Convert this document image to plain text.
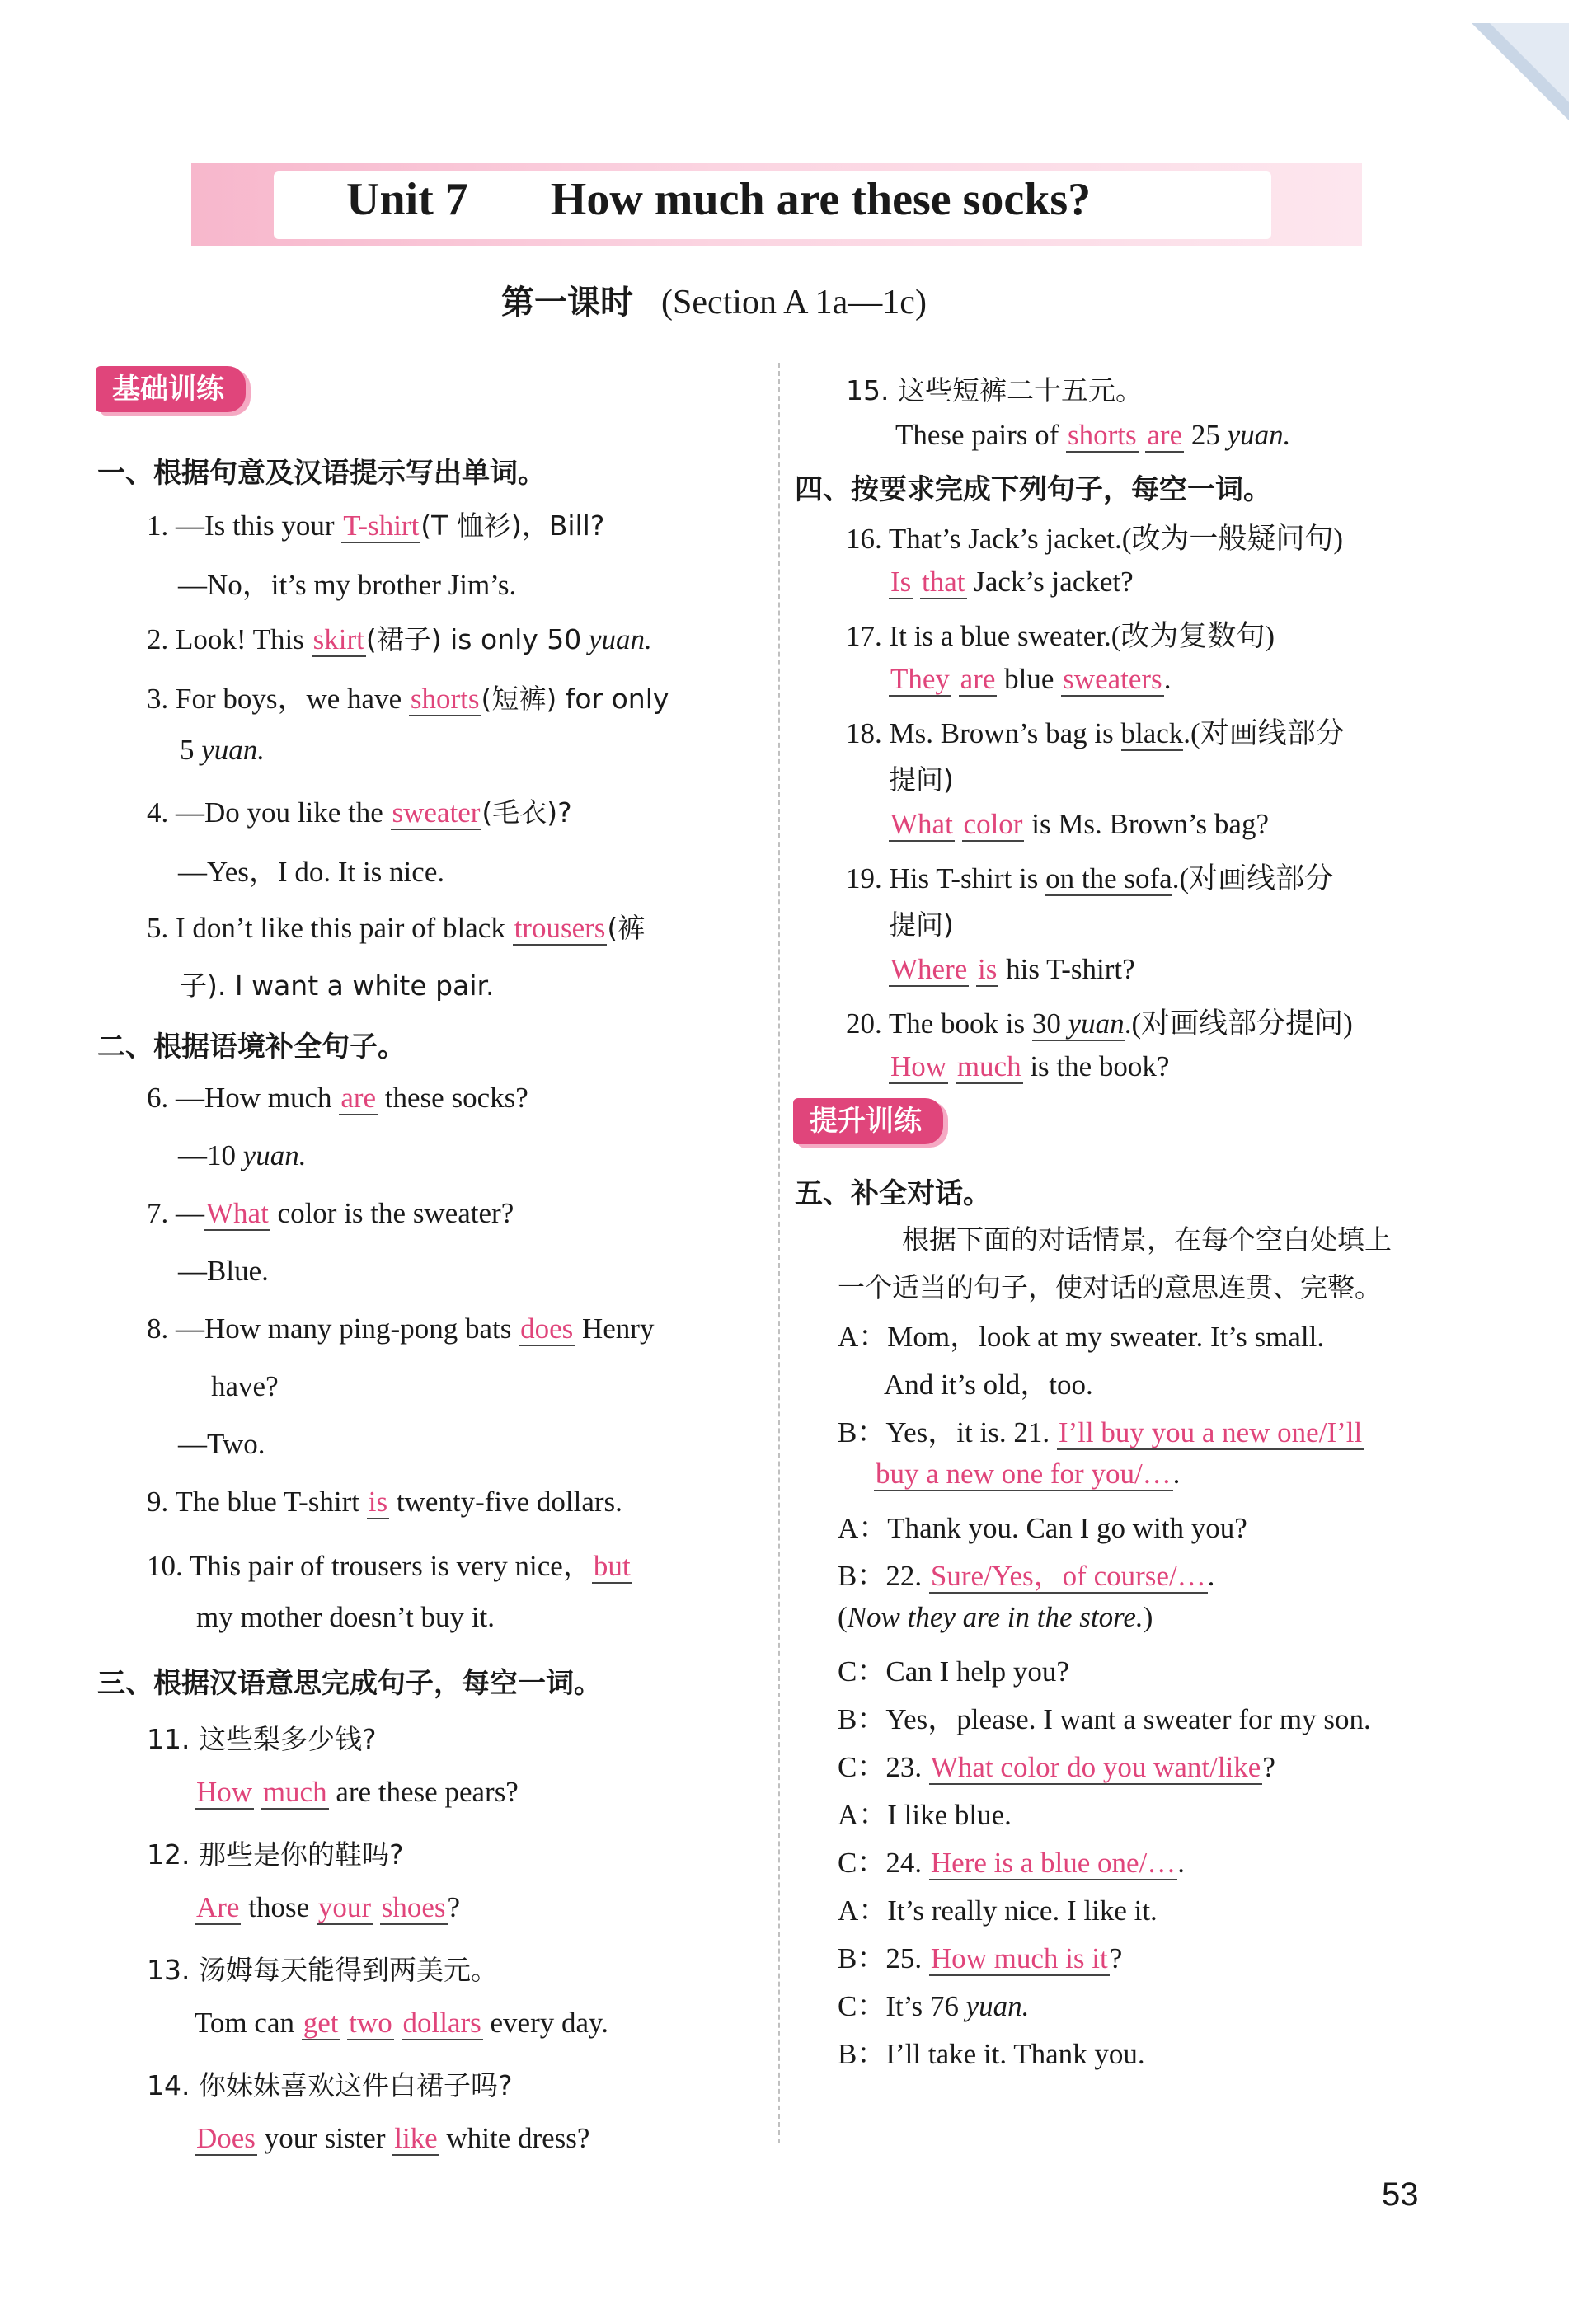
Unit 7 How much are these socks?
第一课时 (Section A 1a—1c)
基础训练
一、根据句意及汉语提示写出单词。
1. —Is this your T-shirt(T 恤衫)，Bill?
—No，it’s my brother Jim’s.
2. Look! This skirt(裙子) is only 50 yuan.
3. For boys，we have shorts(短裤) for only
5 yuan.
4. —Do you like the sweater(毛衣)?
—Yes，I do. It is nice.
5. I don’t like this pair of black trousers(裤
子). I want a white pair.
二、根据语境补全句子。
6. —How much are these socks?
—10 yuan.
7. —What color is the sweater?
—Blue.
8. —How many ping-pong bats does Henry
have?
—Two.
9. The blue T-shirt is twenty-five dollars.
10. This pair of trousers is very nice，but
my mother doesn’t buy it.
三、根据汉语意思完成句子，每空一词。
11. 这些梨多少钱?
How much are these pears?
12. 那些是你的鞋吗?
Are those your shoes?
13. 汤姆每天能得到两美元。
Tom can get two dollars every day.
14. 你妹妹喜欢这件白裙子吗?
Does your sister like white dress?
15. 这些短裤二十五元。
These pairs of shorts are 25 yuan.
四、按要求完成下列句子，每空一词。
16. That’s Jack’s jacket.(改为一般疑问句)
Is that Jack’s jacket?
17. It is a blue sweater.(改为复数句)
They are blue sweaters.
18. Ms. Brown’s bag is black.(对画线部分
提问)
What color is Ms. Brown’s bag?
19. His T-shirt is on the sofa.(对画线部分
提问)
Where is his T-shirt?
20. The book is 30 yuan.(对画线部分提问)
How much is the book?
提升训练
五、补全对话。
根据下面的对话情景，在每个空白处填上
一个适当的句子，使对话的意思连贯、完整。
A：Mom，look at my sweater. It’s small.
And it’s old，too.
B：Yes，it is. 21. I’ll buy you a new one/I’ll
buy a new one for you/….
A：Thank you. Can I go with you?
B：22. Sure/Yes，of course/….
(Now they are in the store.)
C：Can I help you?
B：Yes，please. I want a sweater for my son.
C：23. What color do you want/like?
A：I like blue.
C：24. Here is a blue one/….
A：It’s really nice. I like it.
B：25. How much is it?
C：It’s 76 yuan.
B：I’ll take it. Thank you.
53
